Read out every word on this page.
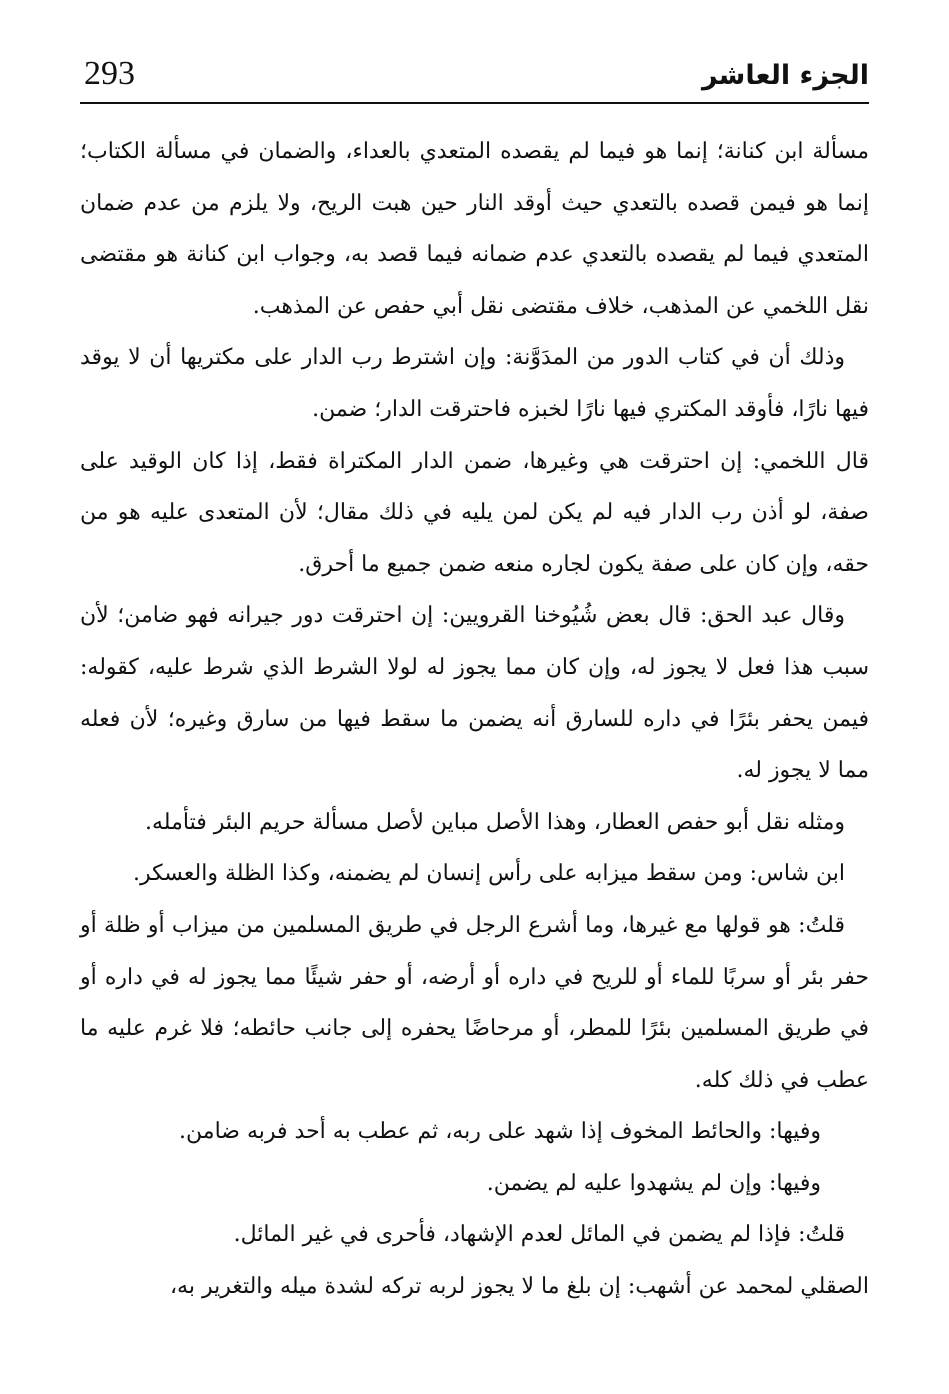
293	الجزء العاشر

مسألة ابن كنانة؛ إنما هو فيما لم يقصده المتعدي بالعداء، والضمان في مسألة الكتاب؛ إنما هو فيمن قصده بالتعدي حيث أوقد النار حين هبت الريح، ولا يلزم من عدم ضمان المتعدي فيما لم يقصده بالتعدي عدم ضمانه فيما قصد به، وجواب ابن كنانة هو مقتضى نقل اللخمي عن المذهب، خلاف مقتضى نقل أبي حفص عن المذهب.

وذلك أن في كتاب الدور من المدَوَّنة: وإن اشترط رب الدار على مكتريها أن لا يوقد فيها نارًا، فأوقد المكتري فيها نارًا لخبزه فاحترقت الدار؛ ضمن.

قال اللخمي: إن احترقت هي وغيرها، ضمن الدار المكتراة فقط، إذا كان الوقيد على صفة، لو أذن رب الدار فيه لم يكن لمن يليه في ذلك مقال؛ لأن المتعدى عليه هو من حقه، وإن كان على صفة يكون لجاره منعه ضمن جميع ما أحرق.

وقال عبد الحق: قال بعض شُيُوخنا القرويين: إن احترقت دور جيرانه فهو ضامن؛ لأن سبب هذا فعل لا يجوز له، وإن كان مما يجوز له لولا الشرط الذي شرط عليه، كقوله: فيمن يحفر بئرًا في داره للسارق أنه يضمن ما سقط فيها من سارق وغيره؛ لأن فعله مما لا يجوز له.

ومثله نقل أبو حفص العطار، وهذا الأصل مباين لأصل مسألة حريم البئر فتأمله.

ابن شاس: ومن سقط ميزابه على رأس إنسان لم يضمنه، وكذا الظلة والعسكر.

قلتُ: هو قولها مع غيرها، وما أشرع الرجل في طريق المسلمين من ميزاب أو ظلة أو حفر بئر أو سربًا للماء أو للريح في داره أو أرضه، أو حفر شيئًا مما يجوز له في داره أو في طريق المسلمين بئرًا للمطر، أو مرحاضًا يحفره إلى جانب حائطه؛ فلا غرم عليه ما عطب في ذلك كله.

وفيها: والحائط المخوف إذا شهد على ربه، ثم عطب به أحد فربه ضامن.

وفيها: وإن لم يشهدوا عليه لم يضمن.

قلتُ: فإذا لم يضمن في المائل لعدم الإشهاد، فأحرى في غير المائل.

الصقلي لمحمد عن أشهب: إن بلغ ما لا يجوز لربه تركه لشدة ميله والتغرير به،
